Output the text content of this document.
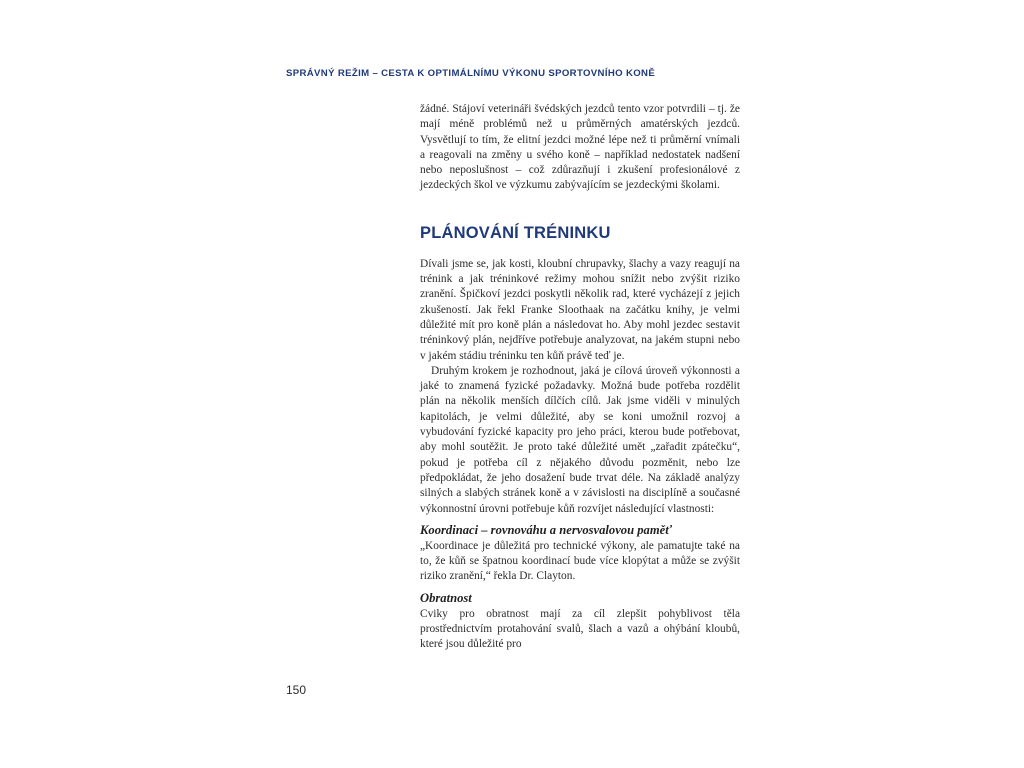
SPRÁVNÝ REŽIM – CESTA K OPTIMÁLNÍMU VÝKONU SPORTOVNÍHO KONĚ

žádné. Stájoví veterináři švédských jezdců tento vzor potvrdili – tj. že mají méně problémů než u průměrných amatérských jezdců. Vysvětlují to tím, že elitní jezdci možné lépe než ti průměrní vnímali a reagovali na změny u svého koně – například nedostatek nadšení nebo neposlušnost – což zdůrazňují i zkušení profesionálové z jezdeckých škol ve výzkumu zabývajícím se jezdeckými školami.

PLÁNOVÁNÍ TRÉNINKU

Dívali jsme se, jak kosti, kloubní chrupavky, šlachy a vazy reagují na trénink a jak tréninkové režimy mohou snížit nebo zvýšit riziko zranění. Špičkoví jezdci poskytli několik rad, které vycházejí z jejich zkušeností. Jak řekl Franke Sloothaak na začátku knihy, je velmi důležité mít pro koně plán a následovat ho. Aby mohl jezdec sestavit tréninkový plán, nejdříve potřebuje analyzovat, na jakém stupni nebo v jakém stádiu tréninku ten kůň právě teď je.

Druhým krokem je rozhodnout, jaká je cílová úroveň výkonnosti a jaké to znamená fyzické požadavky. Možná bude potřeba rozdělit plán na několik menších dílčích cílů. Jak jsme viděli v minulých kapitolách, je velmi důležité, aby se koni umožnil rozvoj a vybudování fyzické kapacity pro jeho práci, kterou bude potřebovat, aby mohl soutěžit. Je proto také důležité umět „zařadit zpátečku“, pokud je potřeba cíl z nějakého důvodu pozměnit, nebo lze předpokládat, že jeho dosažení bude trvat déle. Na základě analýzy silných a slabých stránek koně a v závislosti na disciplíně a současné výkonnostní úrovni potřebuje kůň rozvíjet následující vlastnosti:

Koordinaci – rovnováhu a nervosvalovou paměť

„Koordinace je důležitá pro technické výkony, ale pamatujte také na to, že kůň se špatnou koordinací bude více klopýtat a může se zvýšit riziko zranění,“ řekla Dr. Clayton.

Obratnost

Cviky pro obratnost mají za cíl zlepšit pohyblivost těla prostřednictvím protahování svalů, šlach a vazů a ohýbání kloubů, které jsou důležité pro

150
